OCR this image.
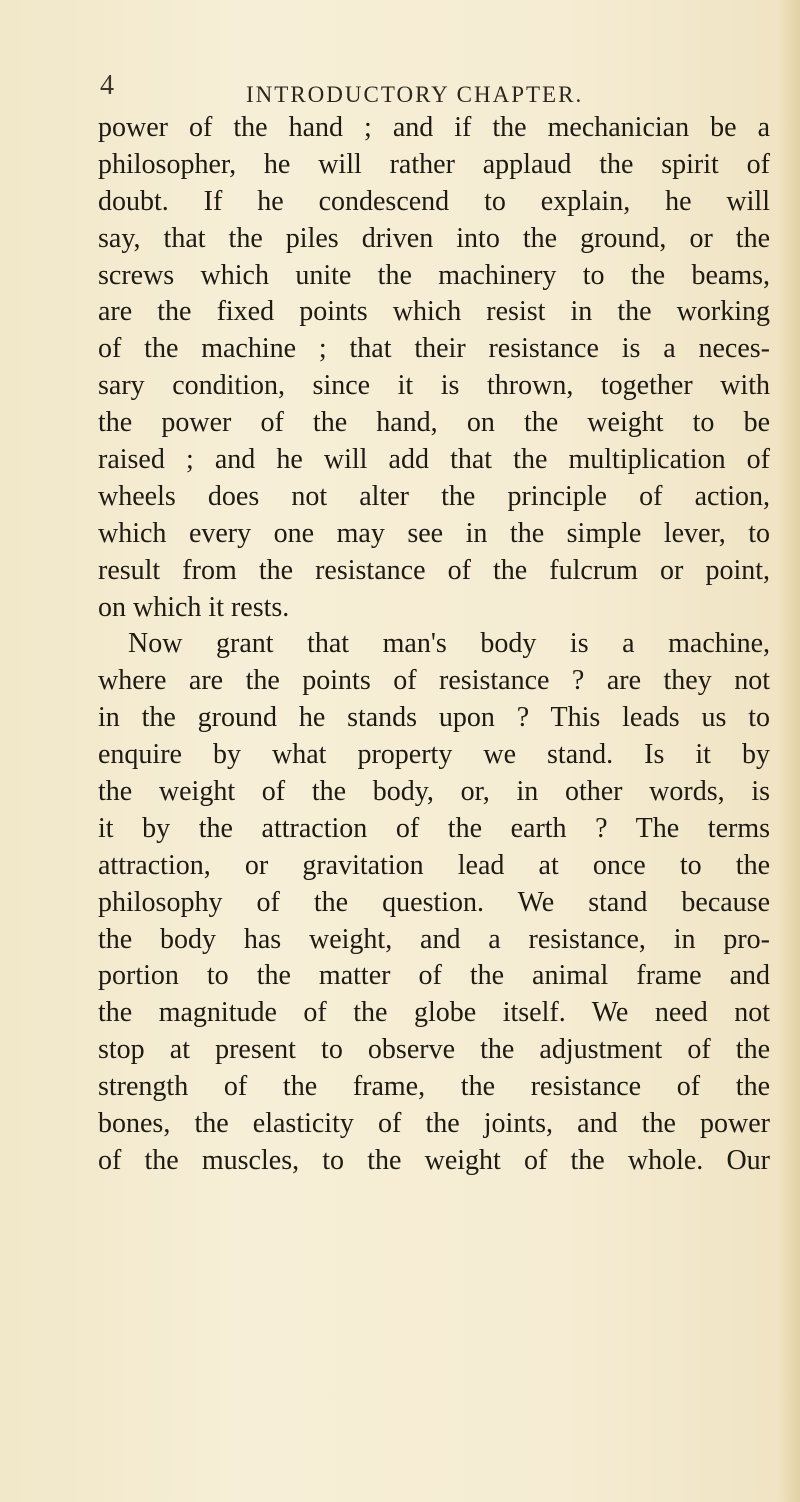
4	INTRODUCTORY CHAPTER.
power of the hand ; and if the mechanician be a
philosopher, he will rather applaud the spirit of
doubt. If he condescend to explain, he will
say, that the piles driven into the ground, or the
screws which unite the machinery to the beams,
are the fixed points which resist in the working
of the machine ; that their resistance is a neces-
sary condition, since it is thrown, together with
the power of the hand, on the weight to be
raised ; and he will add that the multiplication of
wheels does not alter the principle of action,
which every one may see in the simple lever, to
result from the resistance of the fulcrum or point,
on which it rests.
Now grant that man's body is a machine,
where are the points of resistance ? are they not
in the ground he stands upon ? This leads us to
enquire by what property we stand. Is it by
the weight of the body, or, in other words, is
it by the attraction of the earth ? The terms
attraction, or gravitation lead at once to the
philosophy of the question. We stand because
the body has weight, and a resistance, in pro-
portion to the matter of the animal frame and
the magnitude of the globe itself. We need not
stop at present to observe the adjustment of the
strength of the frame, the resistance of the
bones, the elasticity of the joints, and the power
of the muscles, to the weight of the whole. Our
